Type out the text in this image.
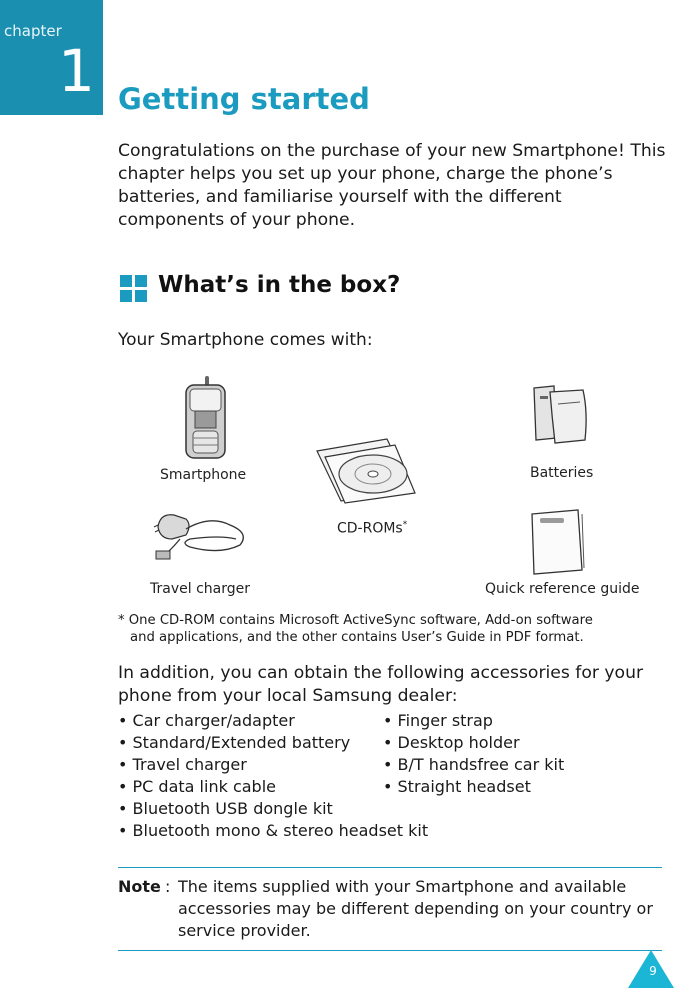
chapter
1 Getting started

Congratulations on the purchase of your new Smartphone! This chapter helps you set up your phone, charge the phone’s batteries, and familiarise yourself with the different components of your phone.

What’s in the box?
Your Smartphone comes with:
Smartphone	Batteries
CD-ROMs*
Travel charger	Quick reference guide
* One CD-ROM contains Microsoft ActiveSync software, Add-on software
and applications, and the other contains User’s Guide in PDF format.

In addition, you can obtain the following accessories for your phone from your local Samsung dealer:

• Car charger/adapter
• Standard/Extended battery
• Travel charger
• PC data link cable
• Bluetooth USB dongle kit
• Bluetooth mono & stereo headset kit
• Finger strap
• Desktop holder
• B/T handsfree car kit
• Straight headset
Note : The items supplied with your Smartphone and available accessories may be different depending on your country or service provider.
9
